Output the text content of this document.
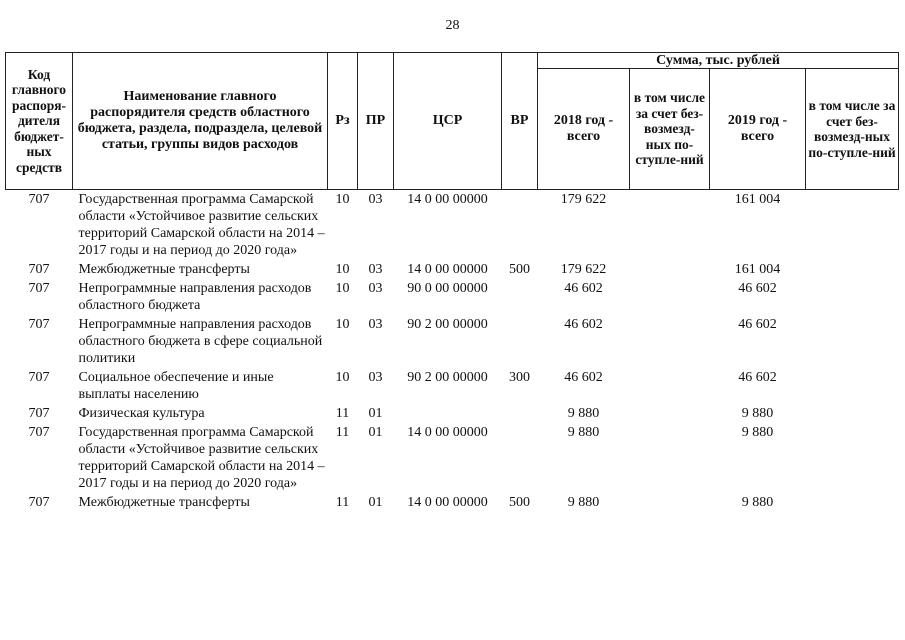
28
Код главного распоря-дителя бюджет-ных средств	Наименование главного распорядителя средств областного бюджета, раздела, подраздела, целевой статьи, группы видов расходов	Рз	ПР	ЦСР	ВР	Сумма, тыс. рублей			
						2018 год - всего	в том числе за счет без-возмезд-ных по-ступле-ний	2019 год - всего	в том числе за счет без-возмезд-ных по-ступле-ний
707	Государственная программа Самарской области «Устойчивое развитие сельских территорий Самарской области на 2014 – 2017 годы и на период до 2020 года»	10	03	14 0 00 00000		179 622		161 004	
707	Межбюджетные трансферты	10	03	14 0 00 00000	500	179 622		161 004	
707	Непрограммные направления расходов областного бюджета	10	03	90 0 00 00000		46 602		46 602	
707	Непрограммные направления расходов областного бюджета в сфере социальной политики	10	03	90 2 00 00000		46 602		46 602	
707	Социальное обеспечение и иные выплаты населению	10	03	90 2 00 00000	300	46 602		46 602	
707	Физическая культура	11	01			9 880		9 880	
707	Государственная программа Самарской области «Устойчивое развитие сельских территорий Самарской области на 2014 – 2017 годы и на период до 2020 года»	11	01	14 0 00 00000		9 880		9 880	
707	Межбюджетные трансферты	11	01	14 0 00 00000	500	9 880		9 880	
